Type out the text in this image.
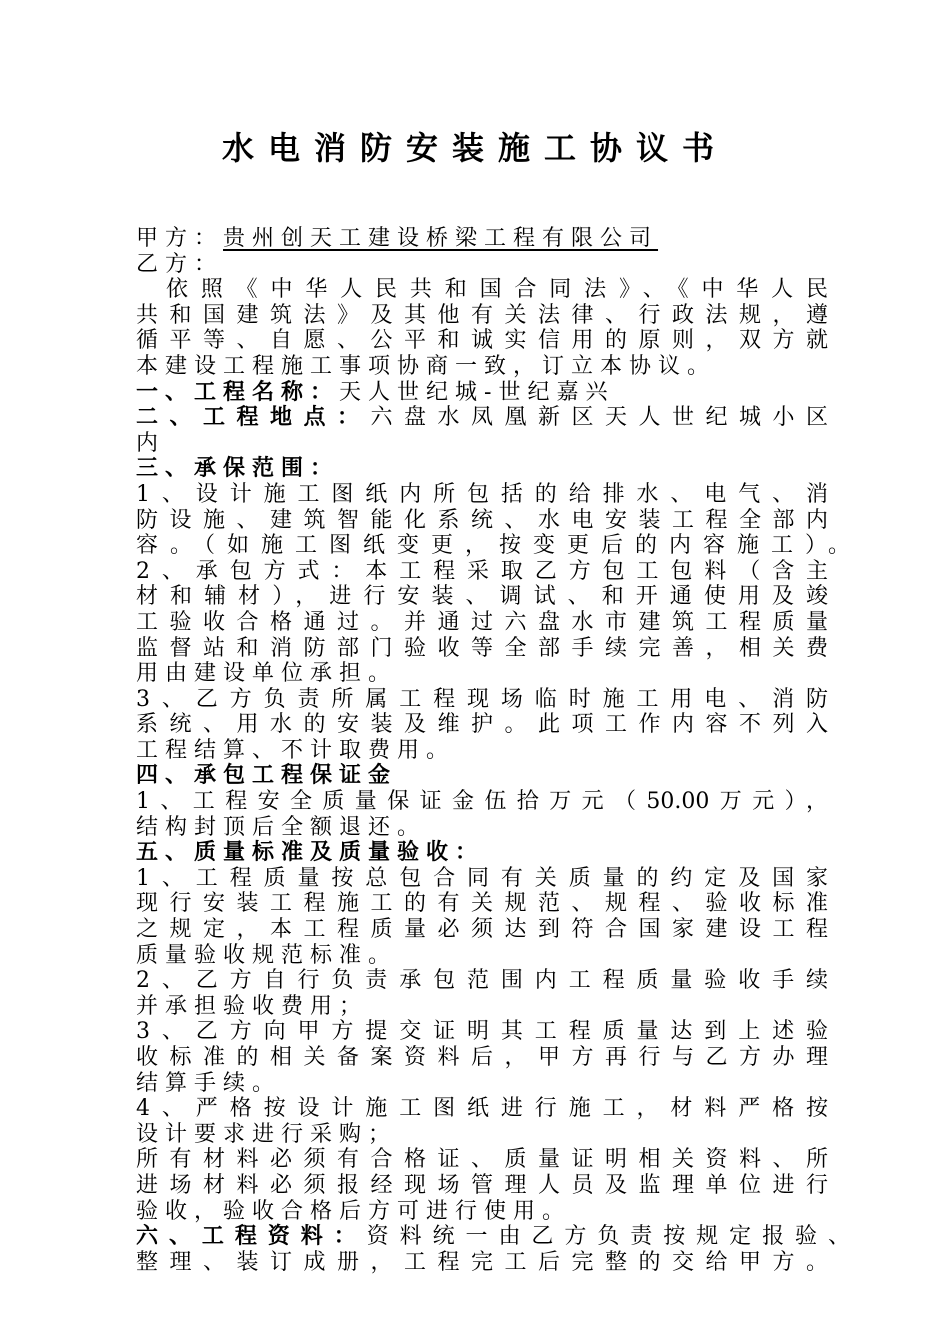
水电消防安装施工协议书
甲方：贵州创天工建设桥梁工程有限公司
乙方：
依照《中华人民共和国合同法》、《中华人民
共和国建筑法》及其他有关法律、行政法规，遵
循平等、自愿、公平和诚实信用的原则，双方就
本建设工程施工事项协商一致，订立本协议。
一、工程名称：天人世纪城-世纪嘉兴
二、工程地点：六盘水凤凰新区天人世纪城小区
内
三、承保范围：
1、设计施工图纸内所包括的给排水、电气、消
防设施、建筑智能化系统、水电安装工程全部内
容。（如施工图纸变更，按变更后的内容施工）。
2、承包方式：本工程采取乙方包工包料（含主
材和辅材），进行安装、调试、和开通使用及竣
工验收合格通过。并通过六盘水市建筑工程质量
监督站和消防部门验收等全部手续完善，相关费
用由建设单位承担。
3、乙方负责所属工程现场临时施工用电、消防
系统、用水的安装及维护。此项工作内容不列入
工程结算、不计取费用。
四、承包工程保证金
1、工程安全质量保证金伍拾万元（50.00万元），
结构封顶后全额退还。
五、质量标准及质量验收：
1、工程质量按总包合同有关质量的约定及国家
现行安装工程施工的有关规范、规程、验收标准
之规定，本工程质量必须达到符合国家建设工程
质量验收规范标准。
2、乙方自行负责承包范围内工程质量验收手续
并承担验收费用；
3、乙方向甲方提交证明其工程质量达到上述验
收标准的相关备案资料后，甲方再行与乙方办理
结算手续。
4、严格按设计施工图纸进行施工，材料严格按
设计要求进行采购；
所有材料必须有合格证、质量证明相关资料、所
进场材料必须报经现场管理人员及监理单位进行
验收，验收合格后方可进行使用。
六、工程资料：资料统一由乙方负责按规定报验、
整理、装订成册，工程完工后完整的交给甲方。
